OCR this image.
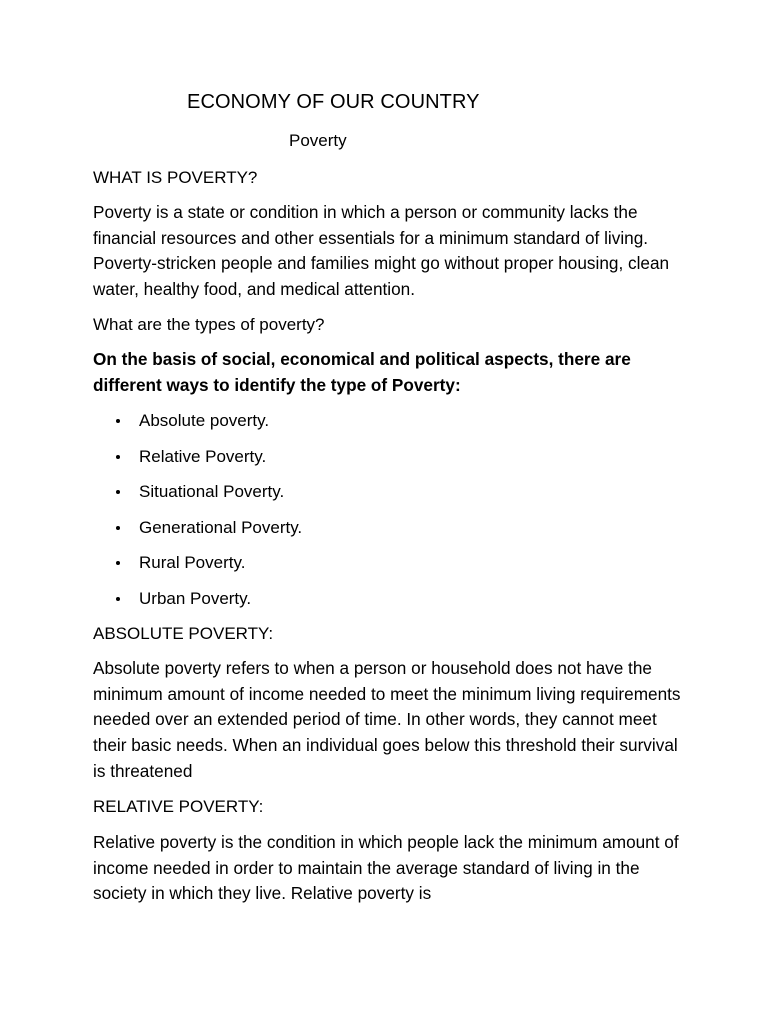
ECONOMY OF OUR COUNTRY
Poverty
WHAT IS POVERTY?

Poverty is a state or condition in which a person or community lacks the financial resources and other essentials for a minimum standard of living. Poverty-stricken people and families might go without proper housing, clean water, healthy food, and medical attention.

What are the types of poverty?

On the basis of social, economical and political aspects, there are different ways to identify the type of Poverty:

Absolute poverty.
Relative Poverty.
Situational Poverty.
Generational Poverty.
Rural Poverty.
Urban Poverty.
ABSOLUTE POVERTY:

Absolute poverty refers to when a person or household does not have the minimum amount of income needed to meet the minimum living requirements needed over an extended period of time. In other words, they cannot meet their basic needs. When an individual goes below this threshold their survival is threatened

RELATIVE POVERTY:

Relative poverty is the condition in which people lack the minimum amount of income needed in order to maintain the average standard of living in the society in which they live. Relative poverty is
